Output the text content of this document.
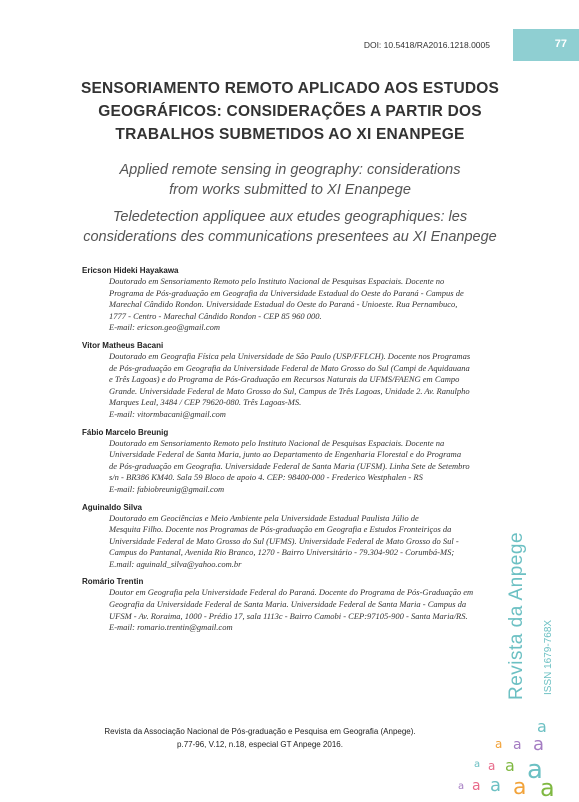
DOI: 10.5418/RA2016.1218.0005	77
SENSORIAMENTO REMOTO APLICADO AOS ESTUDOS
GEOGRÁFICOS: CONSIDERAÇÕES A PARTIR DOS
TRABALHOS SUBMETIDOS AO XI ENANPEGE
Applied remote sensing in geography: considerations
from works submitted to XI Enanpege
Teledetection appliquee aux etudes geographiques: les
considerations des communications presentees au XI Enanpege
Ericson Hideki Hayakawa
Doutorado em Sensoriamento Remoto pelo Instituto Nacional de Pesquisas Espaciais. Docente no
Programa de Pós-graduação em Geografia da Universidade Estadual do Oeste do Paraná - Campus de
Marechal Cândido Rondon. Universidade Estadual do Oeste do Paraná - Unioeste. Rua Pernambuco,
1777 - Centro - Marechal Cândido Rondon - CEP 85 960 000.
E-mail: ericson.geo@gmail.com
Vitor Matheus Bacani
Doutorado em Geografia Física pela Universidade de São Paulo (USP/FFLCH). Docente nos Programas
de Pós-graduação em Geografia da Universidade Federal de Mato Grosso do Sul (Campi de Aquidauana
e Três Lagoas) e do Programa de Pós-Graduação em Recursos Naturais da UFMS/FAENG em Campo
Grande. Universidade Federal de Mato Grosso do Sul, Campus de Três Lagoas, Unidade 2. Av. Ranulpho
Marques Leal, 3484 / CEP 79620-080. Três Lagoas-MS.
E-mail: vitormbacani@gmail.com
Fábio Marcelo Breunig
Doutorado em Sensoriamento Remoto pelo Instituto Nacional de Pesquisas Espaciais. Docente na
Universidade Federal de Santa Maria, junto ao Departamento de Engenharia Florestal e do Programa
de Pós-graduação em Geografia. Universidade Federal de Santa Maria (UFSM). Linha Sete de Setembro
s/n - BR386 KM40. Sala 59 Bloco de apoio 4. CEP: 98400-000 - Frederico Westphalen - RS
E-mail: fabiobreunig@gmail.com
Aguinaldo Silva
Doutorado em Geociências e Meio Ambiente pela Universidade Estadual Paulista Júlio de
Mesquita Filho. Docente nos Programas de Pós-graduação em Geografia e Estudos Fronteiriços da
Universidade Federal de Mato Grosso do Sul (UFMS). Universidade Federal de Mato Grosso do Sul -
Campus do Pantanal, Avenida Rio Branco, 1270 - Bairro Universitário - 79.304-902 - Corumbá-MS;
E.mail: aguinald_silva@yahoo.com.br
Romário Trentin
Doutor em Geografia pela Universidade Federal do Paraná. Docente do Programa de Pós-Graduação em
Geografia da Universidade Federal de Santa Maria. Universidade Federal de Santa Maria - Campus da
UFSM - Av. Roraima, 1000 - Prédio 17, sala 1113c - Bairro Camobi - CEP:97105-900 - Santa Maria/RS.
E-mail: romario.trentin@gmail.com	Revista da Anpege ISSN 1679-768X
Revista da Associação Nacional de Pós-graduação e Pesquisa em Geografia (Anpege).
p.77-96, V.12, n.18, especial GT Anpege 2016.
a
a a a
a a a a
a a a a a
